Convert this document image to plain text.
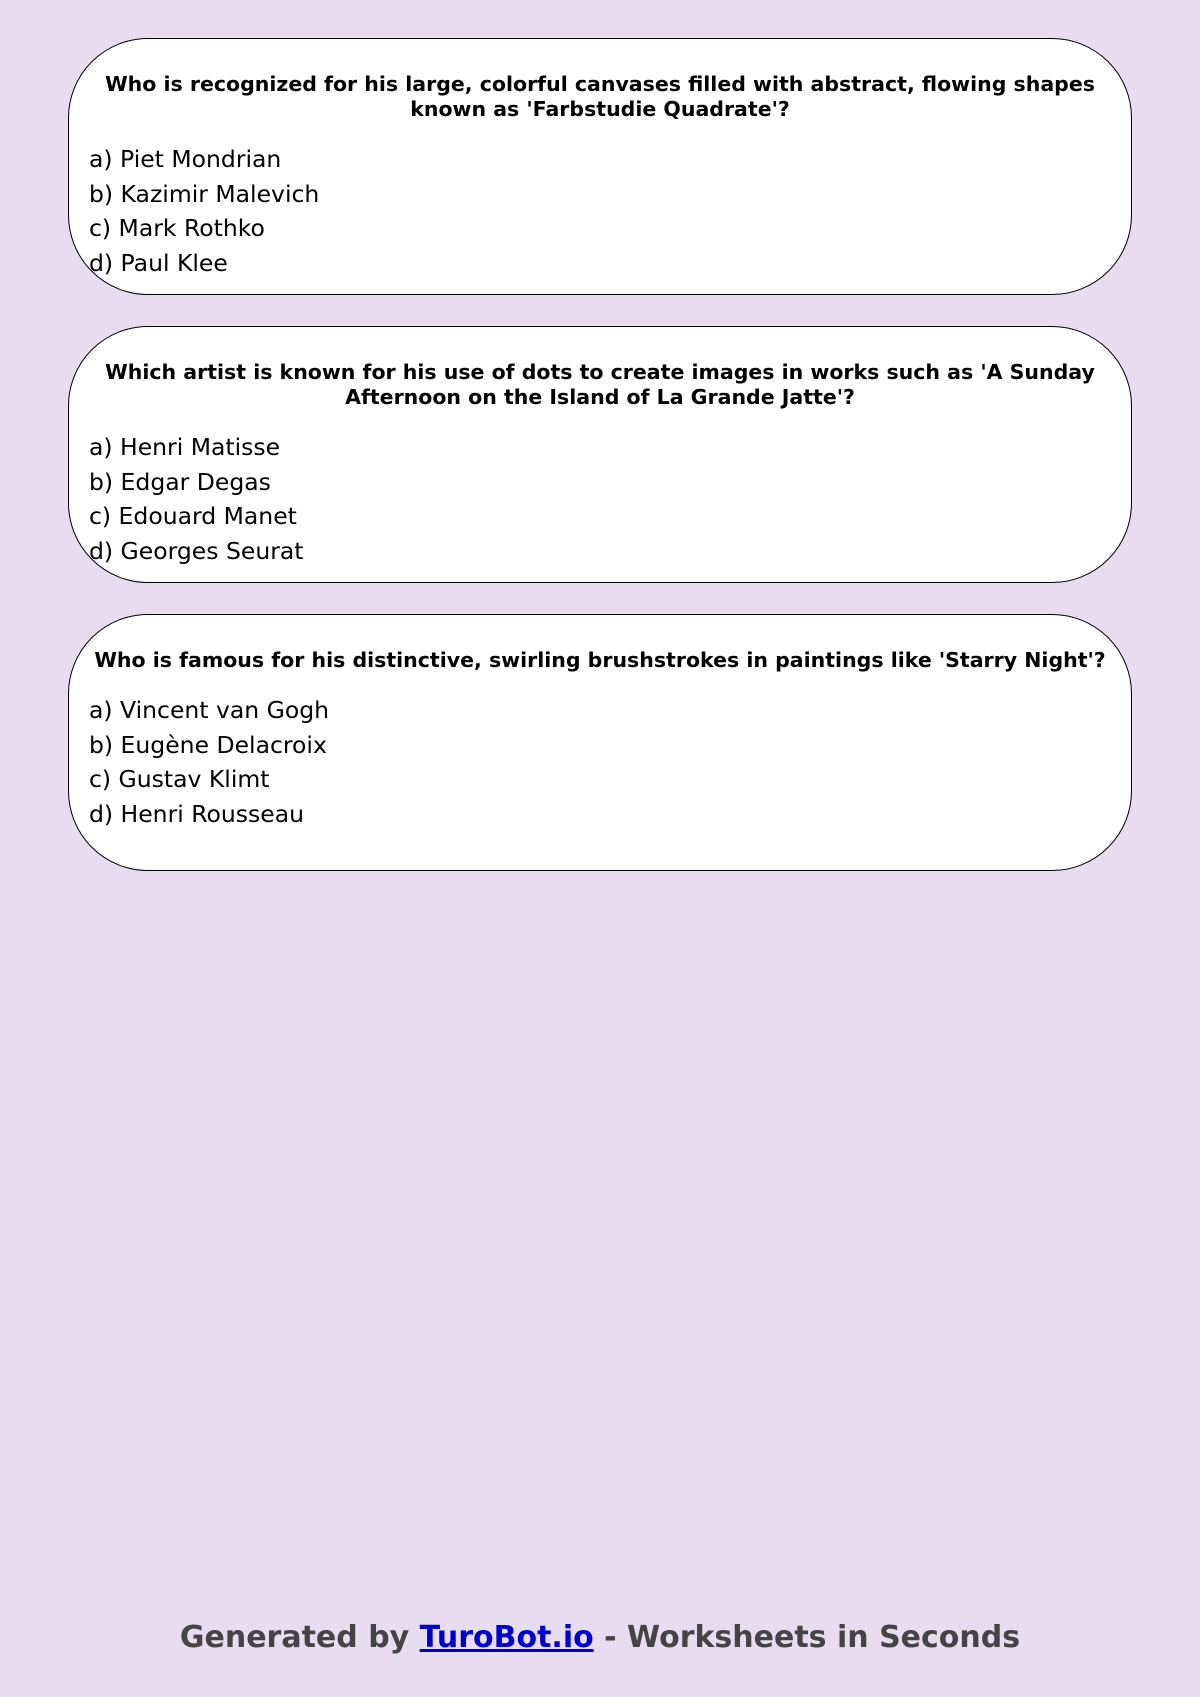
Who is recognized for his large, colorful canvases filled with abstract, flowing shapes known as 'Farbstudie Quadrate'?

a) Piet Mondrian

b) Kazimir Malevich

c) Mark Rothko

d) Paul Klee

Which artist is known for his use of dots to create images in works such as 'A Sunday Afternoon on the Island of La Grande Jatte'?

a) Henri Matisse

b) Edgar Degas

c) Edouard Manet

d) Georges Seurat

Who is famous for his distinctive, swirling brushstrokes in paintings like 'Starry Night'?

a) Vincent van Gogh

b) Eugène Delacroix

c) Gustav Klimt

d) Henri Rousseau

Generated by TuroBot.io - Worksheets in Seconds
